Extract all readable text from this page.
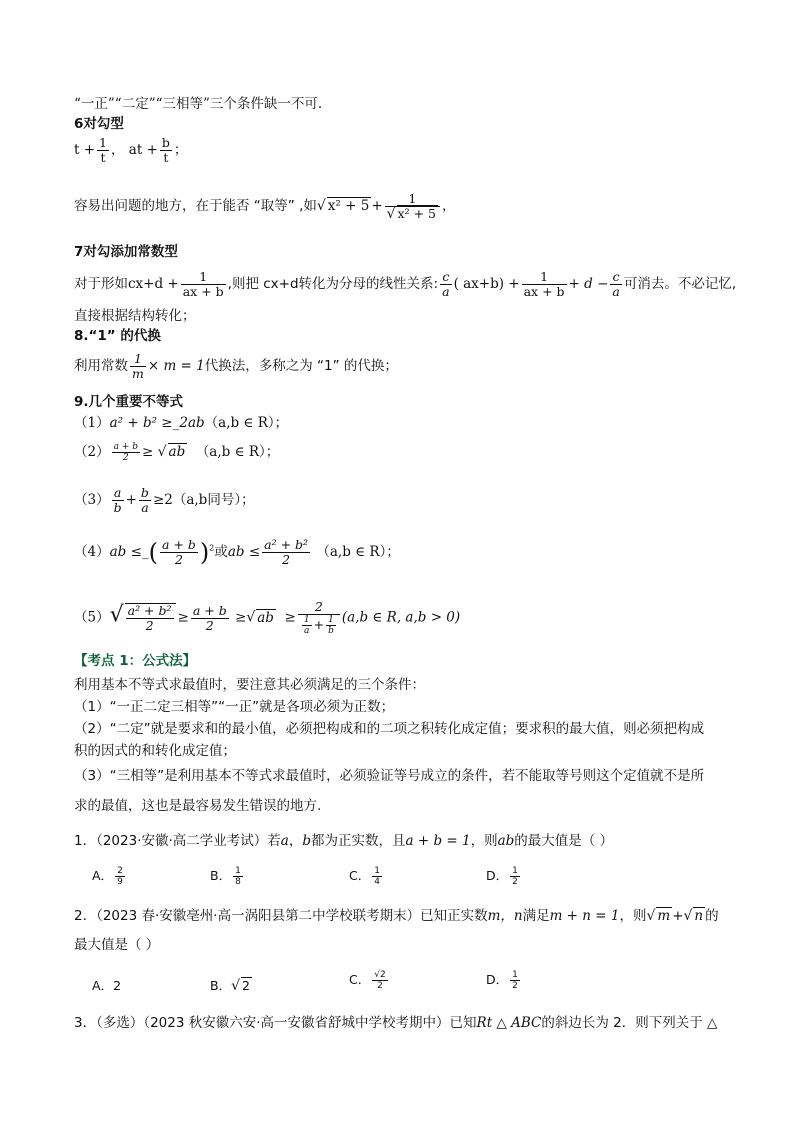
“一正”“二定”“三相等”三个条件缺一不可.
6对勾型
$t + \frac{1}{t}$ ， at + $\frac{b}{t}$ ；
容易出问题的地方，在于能否 “取等” ,如√ $x^2 + 5 + \frac{1}{\text{√ x² + 5}}$ ，
7对勾添加常数型
对于形如$cx+d + \frac{1}{ax + b}$ ,则把 cx+d转化为分母的线性关系: $\frac{c}{a}$ ( $ax+b) + \frac{1}{ax + b} + d - \frac{c}{a}$ 可消去。不必记忆,
直接根据结构转化；
8.“1” 的代换
利用常数 $\frac{1}{m} \times m = 1$代换法，多称之为 “1” 的代换；
9.几个重要不等式
（1）a² + b² ≥_2ab（a,b ∈ R）；
$(2) \frac{a + b}{2}$ ≥ √ ab （a,b ∈ R）；
$(3) \frac{a}{b} + \frac{b}{a} \ge 2(a,b$同号）；
（4）ab ≤_( $\frac{a + b}{2} )^2$或ab ≤ $\frac{\text{a² + b²}}{2} (a,b$ ∈ R）；
$(5)√ \frac{\text{a² + b²}}{2} \ge \frac{a + b}{2}$ ≥√ ab ≥ $\frac{2}{\frac{1}{a} + \frac{1}{b}} (a,b$ ∈ R, a,b > 0)
【考点 1：公式法】
利用基本不等式求最值时，要注意其必须满足的三个条件：
（1）“一正二定三相等”“一正”就是各项必须为正数；
（2）“二定”就是要求和的最小值，必须把构成和的二项之积转化成定值；要求积的最大值，则必须把构成
积的因式的和转化成定值；
（3）“三相等”是利用基本不等式求最值时，必须验证等号成立的条件，若不能取等号则这个定值就不是所
求的最值，这也是最容易发生错误的地方.
1．（2023·安徽·高二学业考试）若a，b都为正实数，且a + b = 1，则ab的最大值是（ ）
A． $\frac{2}{9}$	B． $\frac{1}{8}$	C． $\frac{1}{4}$	D． $\frac{1}{2}$
2．（2023 春·安徽亳州·高一涡阳县第二中学校联考期末）已知正实数m，n满足m + n = 1，则√ m +√ n 的
最大值是（ ）
A．2	B．√ 2	C． $\frac{√2}{2}$	D． $\frac{1}{2}$
3．（多选）（2023 秋安徽六安·高一安徽省舒城中学校考期中）已知Rt △ ABC的斜边长为 2．则下列关于 △
